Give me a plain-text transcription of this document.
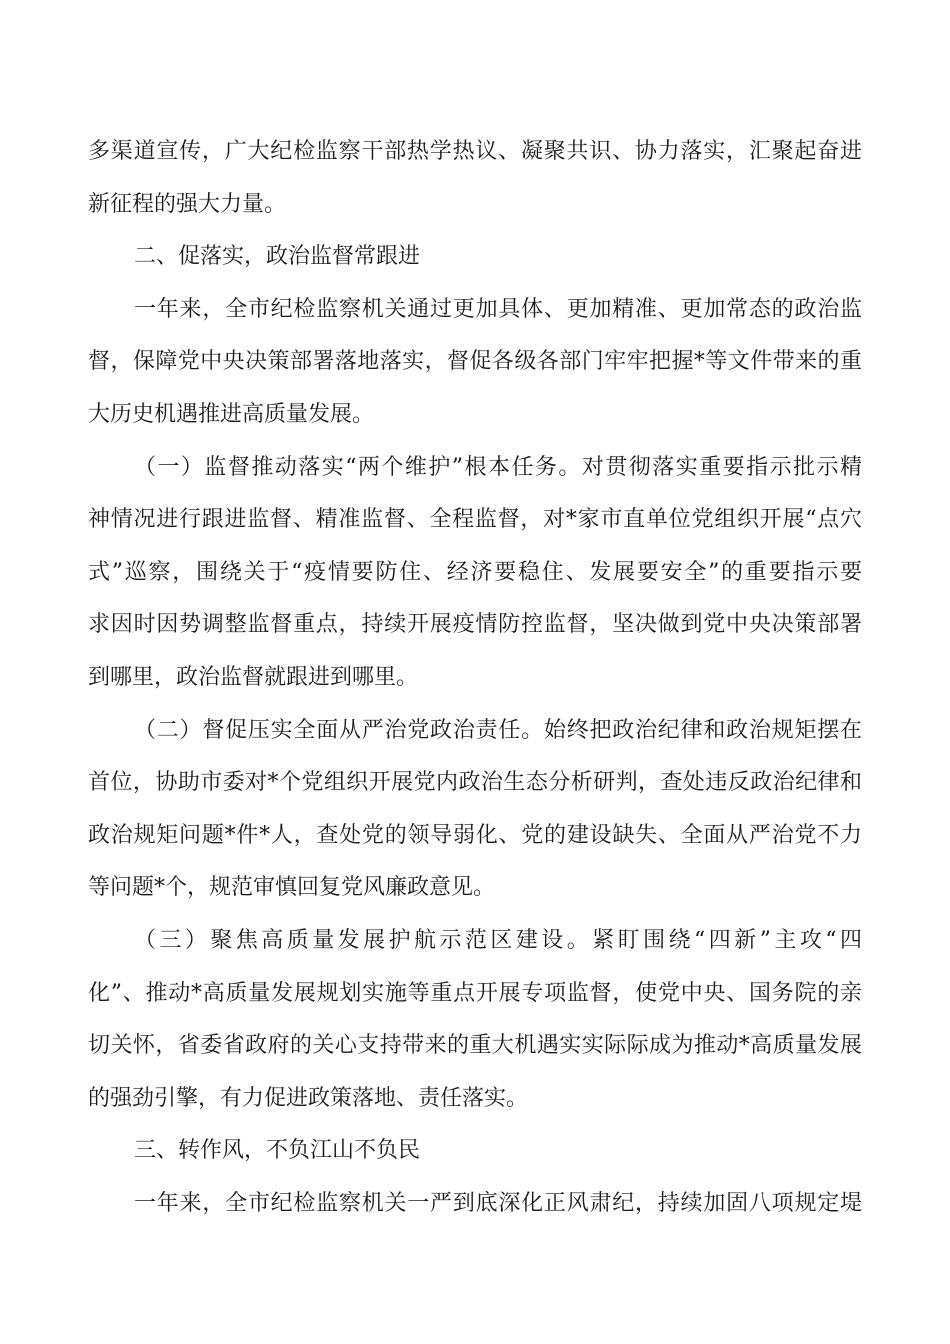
多渠道宣传，广大纪检监察干部热学热议、凝聚共识、协力落实，汇聚起奋进
新征程的强大力量。
二、促落实，政治监督常跟进
一年来，全市纪检监察机关通过更加具体、更加精准、更加常态的政治监
督，保障党中央决策部署落地落实，督促各级各部门牢牢把握*等文件带来的重
大历史机遇推进高质量发展。
（一）监督推动落实“两个维护”根本任务。对贯彻落实重要指示批示精
神情况进行跟进监督、精准监督、全程监督，对*家市直单位党组织开展“点穴
式”巡察，围绕关于“疫情要防住、经济要稳住、发展要安全”的重要指示要
求因时因势调整监督重点，持续开展疫情防控监督，坚决做到党中央决策部署
到哪里，政治监督就跟进到哪里。
（二）督促压实全面从严治党政治责任。始终把政治纪律和政治规矩摆在
首位，协助市委对*个党组织开展党内政治生态分析研判，查处违反政治纪律和
政治规矩问题*件*人，查处党的领导弱化、党的建设缺失、全面从严治党不力
等问题*个，规范审慎回复党风廉政意见。
（三）聚焦高质量发展护航示范区建设。紧盯围绕“四新”主攻“四
化”、推动*高质量发展规划实施等重点开展专项监督，使党中央、国务院的亲
切关怀，省委省政府的关心支持带来的重大机遇实实际际成为推动*高质量发展
的强劲引擎，有力促进政策落地、责任落实。
三、转作风，不负江山不负民
一年来，全市纪检监察机关一严到底深化正风肃纪，持续加固八项规定堤
